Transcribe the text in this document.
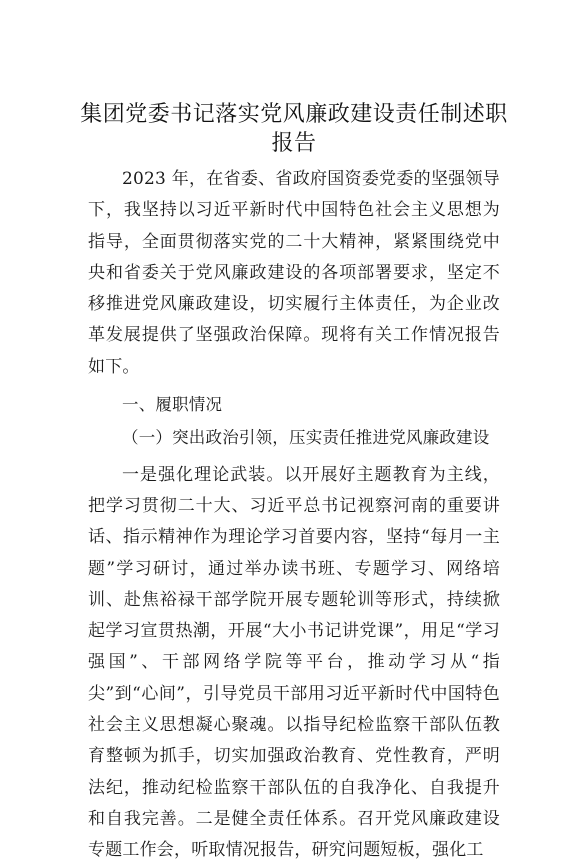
集团党委书记落实党风廉政建设责任制述职报告

2023 年，在省委、省政府国资委党委的坚强领导下，我坚持以习近平新时代中国特色社会主义思想为指导，全面贯彻落实党的二十大精神，紧紧围绕党中央和省委关于党风廉政建设的各项部署要求，坚定不移推进党风廉政建设，切实履行主体责任，为企业改革发展提供了坚强政治保障。现将有关工作情况报告如下。

一、履职情况

（一）突出政治引领，压实责任推进党风廉政建设

一是强化理论武装。以开展好主题教育为主线，把学习贯彻二十大、习近平总书记视察河南的重要讲话、指示精神作为理论学习首要内容，坚持“每月一主题”学习研讨，通过举办读书班、专题学习、网络培训、赴焦裕禄干部学院开展专题轮训等形式，持续掀起学习宣贯热潮，开展“大小书记讲党课”，用足“学习强国”、干部网络学院等平台，推动学习从“指尖”到“心间”，引导党员干部用习近平新时代中国特色社会主义思想凝心聚魂。以指导纪检监察干部队伍教育整顿为抓手，切实加强政治教育、党性教育，严明法纪，推动纪检监察干部队伍的自我净化、自我提升和自我完善。二是健全责任体系。召开党风廉政建设专题工作会，听取情况报告，研究问题短板，强化工
